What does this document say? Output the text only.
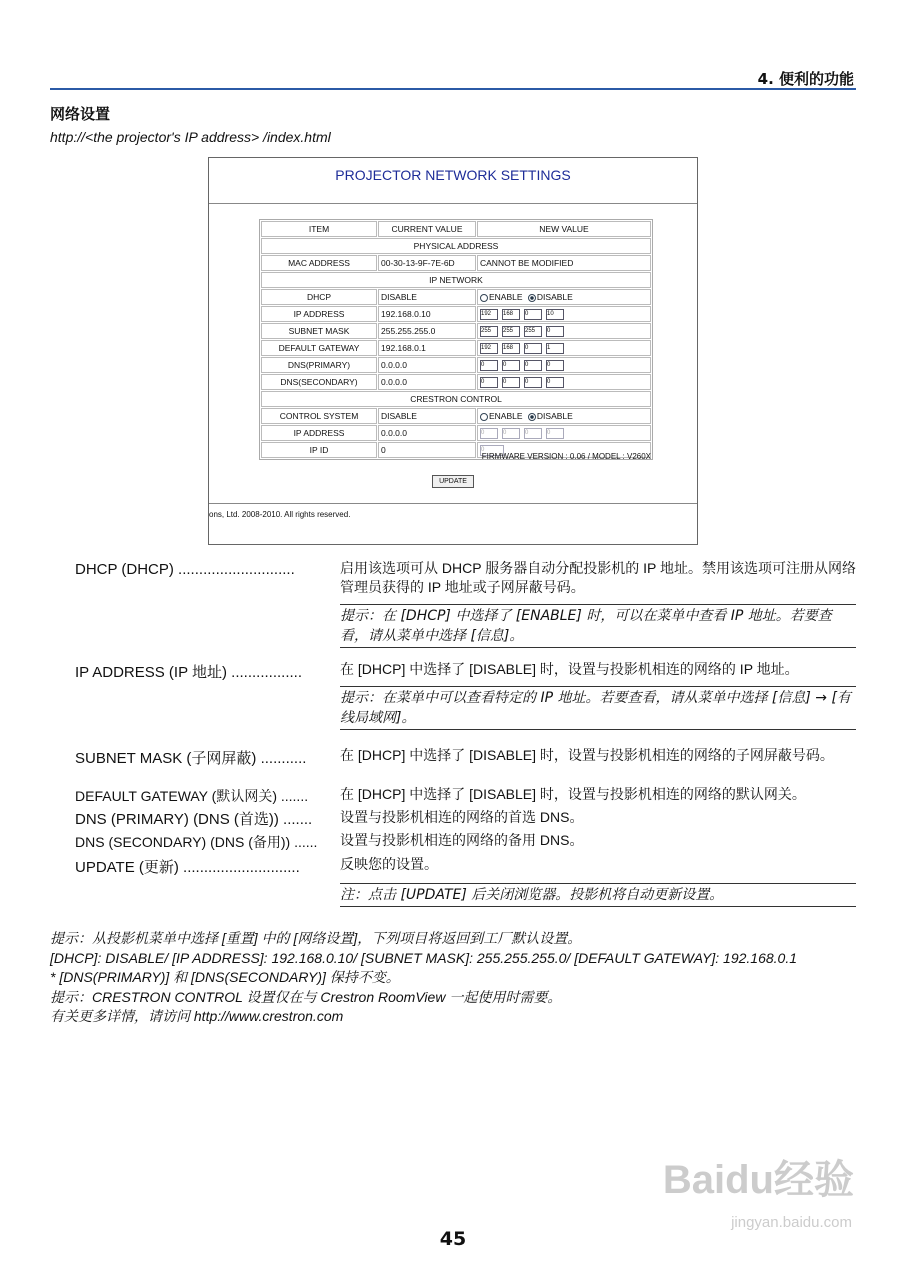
4. 便利的功能
网络设置
http://<the projector's IP address> /index.html
PROJECTOR NETWORK SETTINGS
ITEM	CURRENT VALUE	NEW VALUE
PHYSICAL ADDRESS		
MAC ADDRESS	00-30-13-9F-7E-6D	CANNOT BE MODIFIED
IP NETWORK		
DHCP	DISABLE	ENABLE DISABLE
IP ADDRESS	192.168.0.10	192 168 0 10
SUBNET MASK	255.255.255.0	255 255 255 0
DEFAULT GATEWAY	192.168.0.1	192 168 0 1
DNS(PRIMARY)	0.0.0.0	0 0 0 0
DNS(SECONDARY)	0.0.0.0	0 0 0 0
CRESTRON CONTROL		
CONTROL SYSTEM	DISABLE	ENABLE DISABLE
IP ADDRESS	0.0.0.0	0 0 0 0
IP ID	0	0
FIRMWARE VERSION : 0.06 / MODEL : V260X
UPDATE
ons, Ltd. 2008-2010. All rights reserved.
DHCP (DHCP) ............................	启用该选项可从 DHCP 服务器自动分配投影机的 IP 地址。禁用该选项可注册从网络管理员获得的 IP 地址或子网屏蔽号码。
提示：在 [DHCP] 中选择了 [ENABLE] 时，可以在菜单中查看 IP 地址。若要查看，请从菜单中选择 [信息]。
IP ADDRESS (IP 地址) .................	在 [DHCP] 中选择了 [DISABLE] 时，设置与投影机相连的网络的 IP 地址。
提示：在菜单中可以查看特定的 IP 地址。若要查看，请从菜单中选择 [信息] → [有线局域网]。
SUBNET MASK (子网屏蔽) ........... 在 [DHCP] 中选择了 [DISABLE] 时，设置与投影机相连的网络的子网屏蔽号码。
DEFAULT GATEWAY (默认网关) ....... 在 [DHCP] 中选择了 [DISABLE] 时，设置与投影机相连的网络的默认网关。
DNS (PRIMARY) (DNS (首选)) ....... 设置与投影机相连的网络的首选 DNS。
DNS (SECONDARY) (DNS (备用)) ...... 设置与投影机相连的网络的备用 DNS。
UPDATE (更新) ............................	反映您的设置。
注：点击 [UPDATE] 后关闭浏览器。投影机将自动更新设置。
提示：从投影机菜单中选择 [重置] 中的 [网络设置]，下列项目将返回到工厂默认设置。
[DHCP]: DISABLE/ [IP ADDRESS]: 192.168.0.10/ [SUBNET MASK]: 255.255.255.0/ [DEFAULT GATEWAY]: 192.168.0.1
* [DNS(PRIMARY)] 和 [DNS(SECONDARY)] 保持不变。
提示：CRESTRON CONTROL 设置仅在与 Crestron RoomView 一起使用时需要。
有关更多详情，请访问 http://www.crestron.com
Baidu经验
jingyan.baidu.com
45
